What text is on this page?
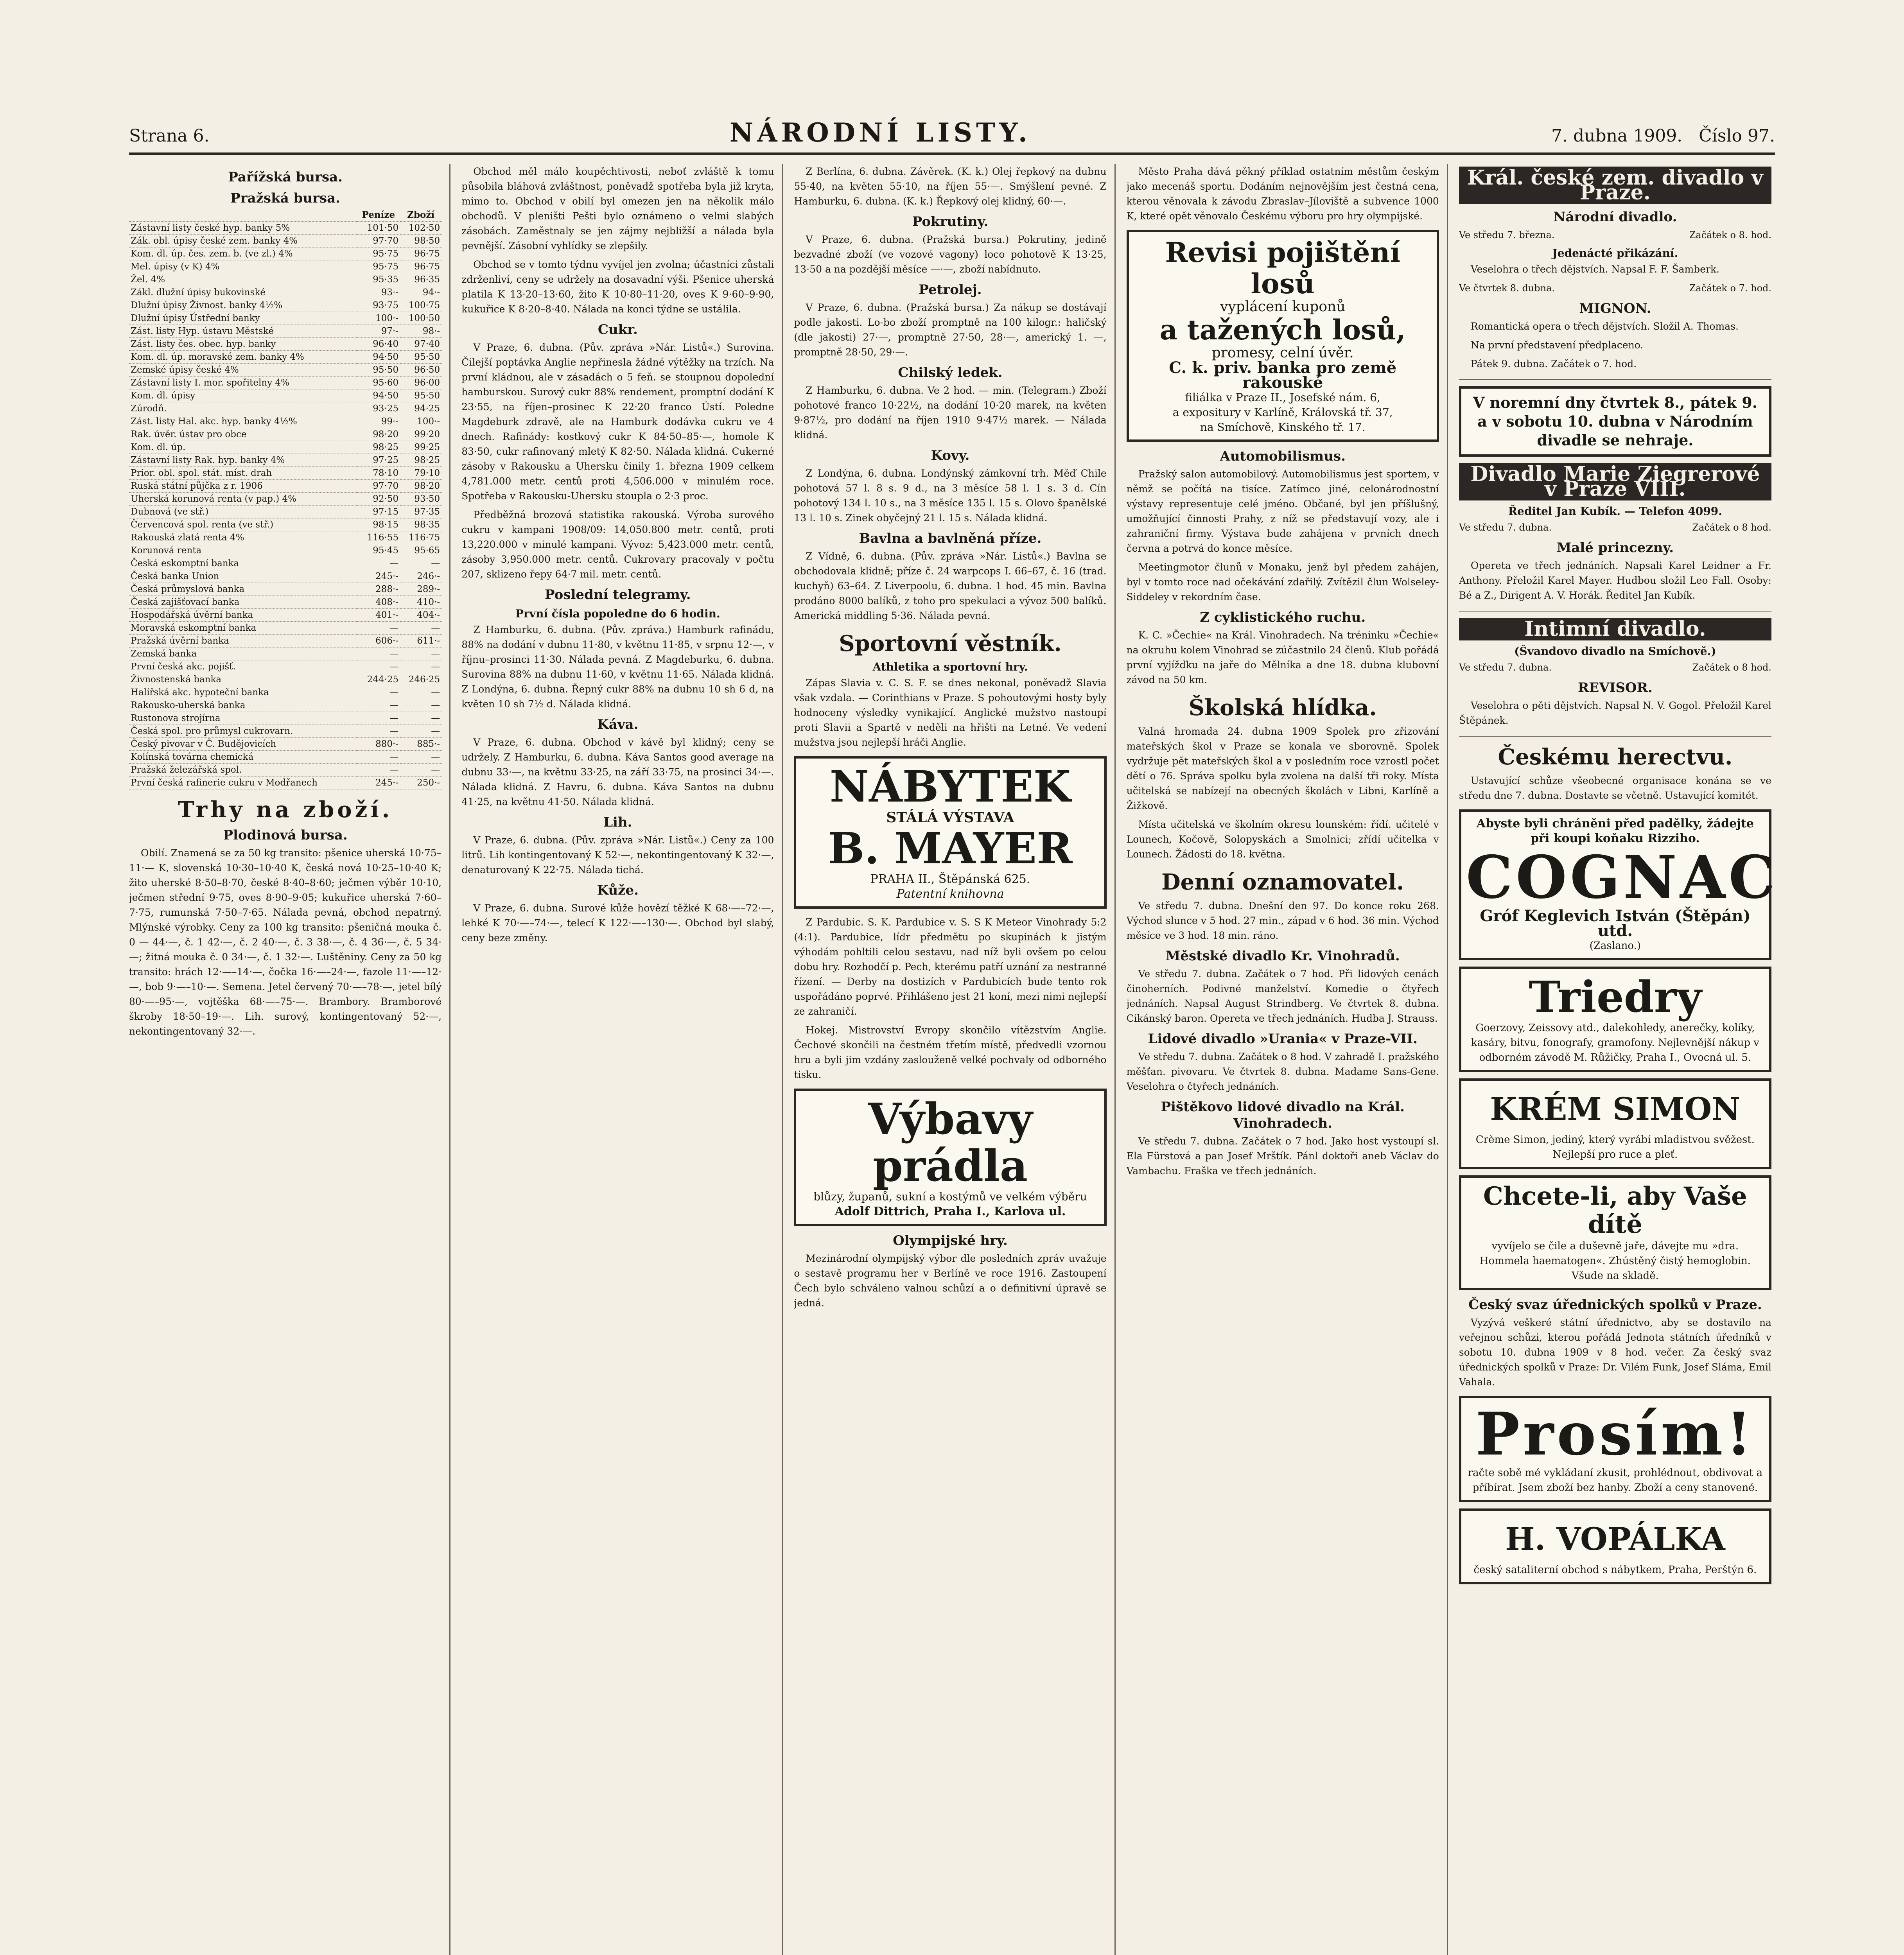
Strana 6.	NÁRODNÍ LISTY.	7. dubna 1909. Číslo 97.
Pařížská bursa.
Pražská bursa.
	Peníze	Zboží
Zástavní listy české hyp. banky 5%	101·50	102·50
Zák. obl. úpisy české zem. banky 4%	97·70	98·50
Kom. dl. úp. čes. zem. b. (ve zl.) 4%	95·75	96·75
Mel. úpisy (v K) 4%	95·75	96·75
Žel. 4%	95·35	96·35
Zákl. dlužní úpisy bukovinské	93·-	94·-
Dlužní úpisy Živnost. banky 4½%	93·75	100·75
Dlužní úpisy Ústřední banky	100·-	100·50
Zást. listy Hyp. ústavu Městské	97·-	98·-
Zást. listy čes. obec. hyp. banky	96·40	97·40
Kom. dl. úp. moravské zem. banky 4%	94·50	95·50
Zemské úpisy české 4%	95·50	96·50
Zástavní listy I. mor. spořitelny 4%	95·60	96·00
Kom. dl. úpisy	94·50	95·50
Zúrodň.	93·25	94·25
Zást. listy Hal. akc. hyp. banky 4½%	99·-	100·-
Rak. úvěr. ústav pro obce	98·20	99·20
Kom. dl. úp.	98·25	99·25
Zástavní listy Rak. hyp. banky 4%	97·25	98·25
Prior. obl. spol. stát. míst. drah	78·10	79·10
Ruská státní půjčka z r. 1906	97·70	98·20
Uherská korunová renta (v pap.) 4%	92·50	93·50
Dubnová (ve stř.)	97·15	97·35
Červencová spol. renta (ve stř.)	98·15	98·35
Rakouská zlatá renta 4%	116·55	116·75
Korunová renta	95·45	95·65
Česká eskomptní banka	—	—
Česká banka Union	245·-	246·-
Česká průmyslová banka	288·-	289·-
Česká zajišťovací banka	408·-	410·-
Hospodářská úvěrní banka	401·-	404·-
Moravská eskomptní banka	—	—
Pražská úvěrní banka	606·-	611·-
Zemská banka	—	—
První česká akc. pojišť.	—	—
Živnostenská banka	244·25	246·25
Halířská akc. hypoteční banka	—	—
Rakousko-uherská banka	—	—
Rustonova strojírna	—	—
Česká spol. pro průmysl cukrovarn.	—	—
Český pivovar v Č. Budějovicích	880·-	885·-
Kolínská továrna chemická	—	—
Pražská železářská spol.	—	—
První česká rafinerie cukru v Modřanech	245·-	250·-
Trhy na zboží.
Plodinová bursa.

Obilí. Znamená se za 50 kg transito: pšenice uherská 10·75–11·— K, slovenská 10·30–10·40 K, česká nová 10·25–10·40 K; žito uherské 8·50–8·70, české 8·40–8·60; ječmen výběr 10·10, ječmen střední 9·75, oves 8·90–9·05; kukuřice uherská 7·60–7·75, rumunská 7·50–7·65. Nálada pevná, obchod nepatrný. Mlýnské výrobky. Ceny za 100 kg transito: pšeničná mouka č. 0 — 44·—, č. 1 42·—, č. 2 40·—, č. 3 38·—, č. 4 36·—, č. 5 34·—; žitná mouka č. 0 34·—, č. 1 32·—. Luštěniny. Ceny za 50 kg transito: hrách 12·—–14·—, čočka 16·—–24·—, fazole 11·—–12·—, bob 9·—–10·—. Semena. Jetel červený 70·—–78·—, jetel bílý 80·—–95·—, vojtěška 68·—–75·—. Brambory. Bramborové škroby 18·50–19·—. Lih. surový, kontingentovaný 52·—, nekontingentovaný 32·—.

Obchod měl málo koupěchtivosti, neboť zvláště k tomu působila bláhová zvláštnost, poněvadž spotřeba byla již kryta, mimo to. Obchod v obilí byl omezen jen na několik málo obchodů. V pleništi Pešti bylo oznámeno o velmi slabých zásobách. Zaměstnaly se jen zájmy nejbližší a nálada byla pevnější. Zásobní vyhlídky se zlepšily.

Obchod se v tomto týdnu vyvíjel jen zvolna; účastníci zůstali zdrženliví, ceny se udržely na dosavadní výši. Pšenice uherská platila K 13·20–13·60, žito K 10·80–11·20, oves K 9·60–9·90, kukuřice K 8·20–8·40. Nálada na konci týdne se ustálila.

Cukr.

V Praze, 6. dubna. (Pův. zpráva »Nár. Listů«.) Surovina. Čilejší poptávka Anglie nepřinesla žádné výtěžky na trzích. Na první kládnou, ale v zásadách o 5 feň. se stoupnou dopolední hamburskou. Surový cukr 88% rendement, promptní dodání K 23·55, na říjen–prosinec K 22·20 franco Ústí. Poledne Magdeburk zdravě, ale na Hamburk dodávka cukru ve 4 dnech. Rafinády: kostkový cukr K 84·50–85·—, homole K 83·50, cukr rafinovaný mletý K 82·50. Nálada klidná. Cukerné zásoby v Rakousku a Uhersku činily 1. března 1909 celkem 4,781.000 metr. centů proti 4,506.000 v minulém roce. Spotřeba v Rakousku-Uhersku stoupla o 2·3 proc.

Předběžná brozová statistika rakouská. Výroba surového cukru v kampani 1908/09: 14,050.800 metr. centů, proti 13,220.000 v minulé kampani. Vývoz: 5,423.000 metr. centů, zásoby 3,950.000 metr. centů. Cukrovary pracovaly v počtu 207, sklizeno řepy 64·7 mil. metr. centů.

Poslední telegramy.
První čísla popoledne do 6 hodin.

Z Hamburku, 6. dubna. (Pův. zpráva.) Hamburk rafinádu, 88% na dodání v dubnu 11·80, v květnu 11·85, v srpnu 12·—, v říjnu–prosinci 11·30. Nálada pevná. Z Magdeburku, 6. dubna. Surovina 88% na dubnu 11·60, v květnu 11·65. Nálada klidná. Z Londýna, 6. dubna. Řepný cukr 88% na dubnu 10 sh 6 d, na květen 10 sh 7½ d. Nálada klidná.

Káva.

V Praze, 6. dubna. Obchod v kávě byl klidný; ceny se udržely. Z Hamburku, 6. dubna. Káva Santos good average na dubnu 33·—, na květnu 33·25, na září 33·75, na prosinci 34·—. Nálada klidná. Z Havru, 6. dubna. Káva Santos na dubnu 41·25, na květnu 41·50. Nálada klidná.

Lih.

V Praze, 6. dubna. (Pův. zpráva »Nár. Listů«.) Ceny za 100 litrů. Lih kontingentovaný K 52·—, nekontingentovaný K 32·—, denaturovaný K 22·75. Nálada tichá.

Kůže.

V Praze, 6. dubna. Surové kůže hovězí těžké K 68·—–72·—, lehké K 70·—–74·—, telecí K 122·—–130·—. Obchod byl slabý, ceny beze změny.

Z Berlína, 6. dubna. Závěrek. (K. k.) Olej řepkový na dubnu 55·40, na květen 55·10, na říjen 55·—. Smýšlení pevné. Z Hamburku, 6. dubna. (K. k.) Řepkový olej klidný, 60·—.

Pokrutiny.

V Praze, 6. dubna. (Pražská bursa.) Pokrutiny, jedině bezvadné zboží (ve vozové vagony) loco pohotově K 13·25, 13·50 a na pozdější měsíce —·—, zboží nabídnuto.

Petrolej.

V Praze, 6. dubna. (Pražská bursa.) Za nákup se dostávají podle jakosti. Lo-bo zboží promptně na 100 kilogr.: haličský (dle jakosti) 27·—, promptně 27·50, 28·—, americký 1. —, promptně 28·50, 29·—.

Chilský ledek.

Z Hamburku, 6. dubna. Ve 2 hod. — min. (Telegram.) Zboží pohotové franco 10·22½, na dodání 10·20 marek, na květen 9·87½, pro dodání na říjen 1910 9·47½ marek. — Nálada klidná.

Kovy.

Z Londýna, 6. dubna. Londýnský zámkovní trh. Měď Chile pohotová 57 l. 8 s. 9 d., na 3 měsíce 58 l. 1 s. 3 d. Cín pohotový 134 l. 10 s., na 3 měsíce 135 l. 15 s. Olovo španělské 13 l. 10 s. Zinek obyčejný 21 l. 15 s. Nálada klidná.

Bavlna a bavlněná příze.

Z Vídně, 6. dubna. (Pův. zpráva »Nár. Listů«.) Bavlna se obchodovala klidně; příze č. 24 warpcops I. 66–67, č. 16 (trad. kuchyň) 63–64. Z Liverpoolu, 6. dubna. 1 hod. 45 min. Bavlna prodáno 8000 balíků, z toho pro spekulaci a vývoz 500 balíků. Americká middling 5·36. Nálada pevná.

Sportovní věstník.
Athletika a sportovní hry.

Zápas Slavia v. C. S. F. se dnes nekonal, poněvadž Slavia však vzdala. — Corinthians v Praze. S pohoutovými hosty byly hodnoceny výsledky vynikající. Anglické mužstvo nastoupí proti Slavii a Spartě v neděli na hřišti na Letné. Ve vedení mužstva jsou nejlepší hráči Anglie.

NÁBYTEK
STÁLÁ VÝSTAVA
B. MAYER
PRAHA II., Štěpánská 625.
Patentní knihovna

Z Pardubic. S. K. Pardubice v. S. S K Meteor Vinohrady 5:2 (4:1). Pardubice, lídr předmětu po skupinách k jistým výhodám pohltili celou sestavu, nad níž byli ovšem po celou dobu hry. Rozhodčí p. Pech, kterému patří uznání za nestranné řízení. — Derby na dostizích v Pardubicích bude tento rok uspořádáno poprvé. Přihlášeno jest 21 koní, mezi nimi nejlepší ze zahraničí.

Hokej. Mistrovství Evropy skončilo vítězstvím Anglie. Čechové skončili na čestném třetím místě, předvedli vzornou hru a byli jim vzdány zaslouženě velké pochvaly od odborného tisku.

Výbavy prádla
blůzy, županů, sukní a kostýmů ve velkém výběru
Adolf Dittrich, Praha I., Karlova ul.
Olympijské hry.

Mezinárodní olympijský výbor dle posledních zpráv uvažuje o sestavě programu her v Berlíně ve roce 1916. Zastoupení Čech bylo schváleno valnou schůzí a o definitivní úpravě se jedná.

Město Praha dává pěkný příklad ostatním městům českým jako mecenáš sportu. Dodáním nejnovějším jest čestná cena, kterou věnovala k závodu Zbraslav–Jíloviště a subvence 1000 K, které opět věnovalo Českému výboru pro hry olympijské.

Revisi pojištění losů
vyplácení kuponů
a tažených losů,
promesy, celní úvěr.
C. k. priv. banka pro země rakouské
filiálka v Praze II., Josefské nám. 6,
a expositury v Karlíně, Královská tř. 37,
na Smíchově, Kinského tř. 17.
Automobilismus.

Pražský salon automobilový. Automobilismus jest sportem, v němž se počítá na tisíce. Zatímco jiné, celonárodnostní výstavy representuje celé jméno. Občané, byl jen příšlušný, umožňující činnosti Prahy, z níž se představují vozy, ale i zahraniční firmy. Výstava bude zahájena v prvních dnech června a potrvá do konce měsíce.

Meetingmotor člunů v Monaku, jenž byl předem zahájen, byl v tomto roce nad očekávání zdařilý. Zvítězil člun Wolseley-Siddeley v rekordním čase.

Z cyklistického ruchu.

K. C. »Čechie« na Král. Vinohradech. Na tréninku »Čechie« na okruhu kolem Vinohrad se zúčastnilo 24 členů. Klub pořádá první vyjížďku na jaře do Mělníka a dne 18. dubna klubovní závod na 50 km.

Školská hlídka.

Valná hromada 24. dubna 1909 Spolek pro zřizování mateřských škol v Praze se konala ve sborovně. Spolek vydržuje pět mateřských škol a v posledním roce vzrostl počet dětí o 76. Správa spolku byla zvolena na další tři roky. Místa učitelská se nabízejí na obecných školách v Libni, Karlíně a Žižkově.

Místa učitelská ve školním okresu lounském: řídí. učitelé v Lounech, Kočově, Solopyskách a Smolnici; zřídí učitelka v Lounech. Žádosti do 18. května.

Denní oznamovatel.

Ve středu 7. dubna. Dnešní den 97. Do konce roku 268. Východ slunce v 5 hod. 27 min., západ v 6 hod. 36 min. Východ měsíce ve 3 hod. 18 min. ráno.

Městské divadlo Kr. Vinohradů.

Ve středu 7. dubna. Začátek o 7 hod. Při lidových cenách činoherních. Podivné manželství. Komedie o čtyřech jednáních. Napsal August Strindberg. Ve čtvrtek 8. dubna. Cikánský baron. Opereta ve třech jednáních. Hudba J. Strauss.

Lidové divadlo »Urania« v Praze-VII.

Ve středu 7. dubna. Začátek o 8 hod. V zahradě I. pražského měšťan. pivovaru. Ve čtvrtek 8. dubna. Madame Sans-Gene. Veselohra o čtyřech jednáních.

Pištěkovo lidové divadlo na Král. Vinohradech.

Ve středu 7. dubna. Začátek o 7 hod. Jako host vystoupí sl. Ela Fürstová a pan Josef Mrštík. Pánl doktoři aneb Václav do Vambachu. Fraška ve třech jednáních.

Král. české zem. divadlo v Praze.
Národní divadlo.
Ve středu 7. března.	Začátek o 8. hod.
Jedenácté přikázání.

Veselohra o třech dějstvích. Napsal F. F. Šamberk.

Ve čtvrtek 8. dubna.	Začátek o 7. hod.
MIGNON.

Romantická opera o třech dějstvích. Složil A. Thomas.

Na první představení předplaceno.

Pátek 9. dubna. Začátek o 7. hod.

V noremní dny čtvrtek 8., pátek 9. a v sobotu 10. dubna v Národním divadle se nehraje.
Divadlo Marie Ziegrerové v Praze VIII.
Ředitel Jan Kubík. — Telefon 4099.
Ve středu 7. dubna.	Začátek o 8 hod.
Malé princezny.

Opereta ve třech jednáních. Napsali Karel Leidner a Fr. Anthony. Přeložil Karel Mayer. Hudbou složil Leo Fall. Osoby: Bé a Z., Dirigent A. V. Horák. Ředitel Jan Kubík.

Intimní divadlo.
(Švandovo divadlo na Smíchově.)
Ve středu 7. dubna.	Začátek o 8 hod.
REVISOR.

Veselohra o pěti dějstvích. Napsal N. V. Gogol. Přeložil Karel Štěpánek.

Českému herectvu.

Ustavující schůze všeobecné organisace konána se ve středu dne 7. dubna. Dostavte se včetně. Ustavující komitét.

Abyste byli chráněni před padělky, žádejte při koupi koňaku Rizziho.
COGNAC
Gróf Keglevich István (Štěpán) utd.
(Zaslano.)
Triedry
Goerzovy, Zeissovy atd., dalekohledy, anerečky, kolíky, kasáry, bitvu, fonografy, gramofony. Nejlevnější nákup v odborném závodě M. Růžičky, Praha I., Ovocná ul. 5.
KRÉM SIMON
Crème Simon, jediný, který vyrábí mladistvou svěžest. Nejlepší pro ruce a pleť.
Chcete-li, aby Vaše dítě
vyvíjelo se čile a duševně jaře, dávejte mu »dra. Hommela haematogen«. Zhústěný čistý hemoglobin. Všude na skladě.
Český svaz úřednických spolků v Praze.

Vyzývá veškeré státní úřednictvo, aby se dostavilo na veřejnou schůzi, kterou pořádá Jednota státních úředníků v sobotu 10. dubna 1909 v 8 hod. večer. Za český svaz úřednických spolků v Praze: Dr. Vilém Funk, Josef Sláma, Emil Vahala.

Prosím!
račte sobě mé vykládaní zkusit, prohlédnout, obdivovat a příbírat. Jsem zboží bez hanby. Zboží a ceny stanovené.
H. VOPÁLKA
český sataliterní obchod s nábytkem, Praha, Perštýn 6.
